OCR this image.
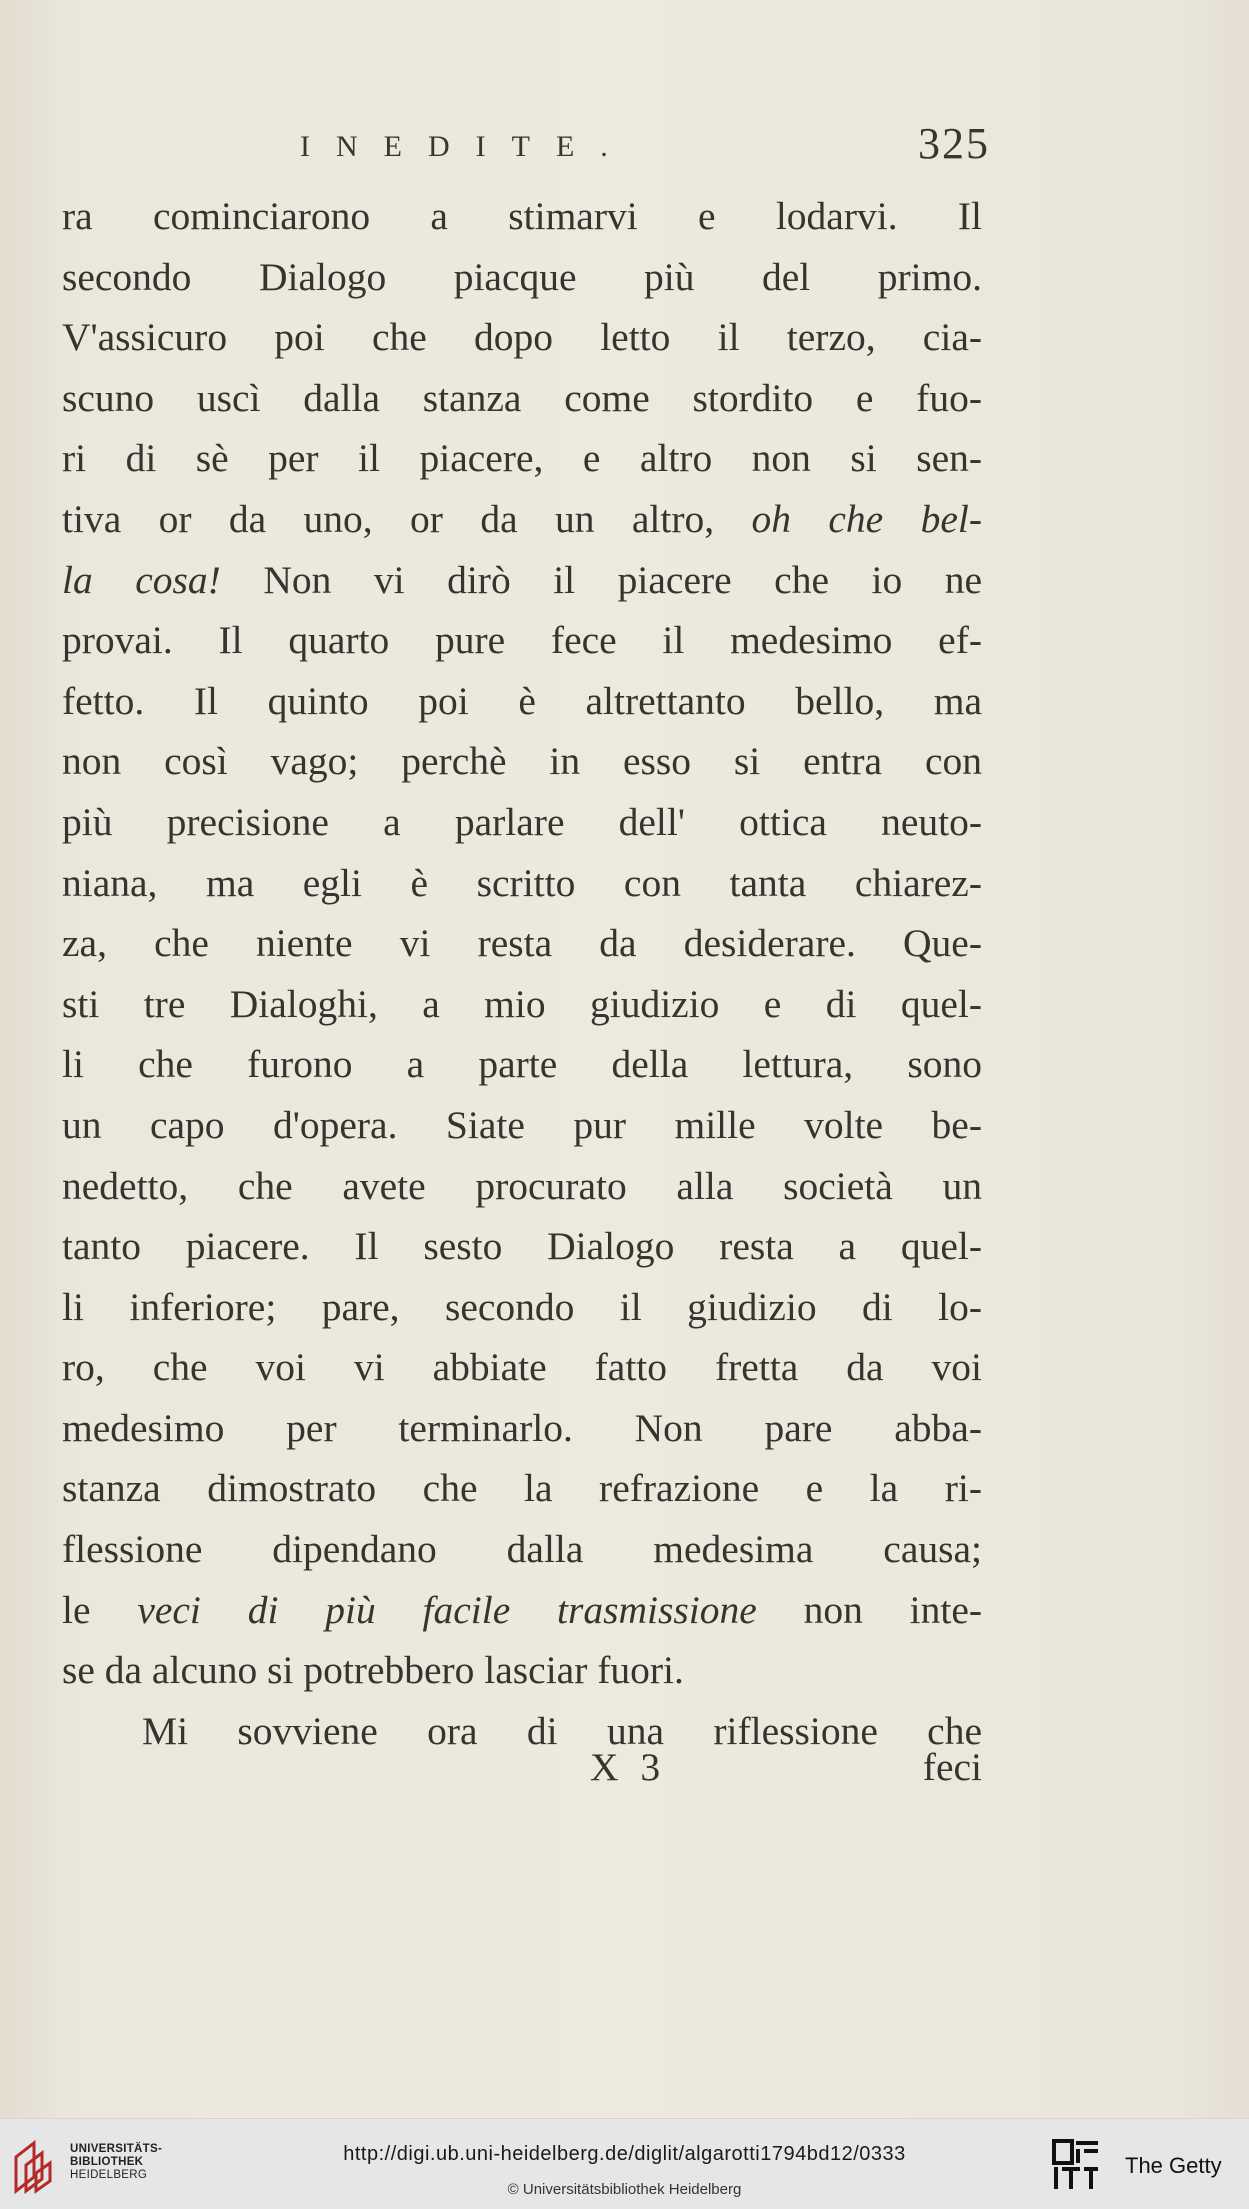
INEDITE.	325
ra cominciarono a stimarvi e lodarvi. Il
secondo Dialogo piacque più del primo.
V'assicuro poi che dopo letto il terzo, cia-
scuno uscì dalla stanza come stordito e fuo-
ri di sè per il piacere, e altro non si sen-
tiva or da uno, or da un altro, oh che bel-
la cosa! Non vi dirò il piacere che io ne
provai. Il quarto pure fece il medesimo ef-
fetto. Il quinto poi è altrettanto bello, ma
non così vago; perchè in esso si entra con
più precisione a parlare dell' ottica neuto-
niana, ma egli è scritto con tanta chiarez-
za, che niente vi resta da desiderare. Que-
sti tre Dialoghi, a mio giudizio e di quel-
li che furono a parte della lettura, sono
un capo d'opera. Siate pur mille volte be-
nedetto, che avete procurato alla società un
tanto piacere. Il sesto Dialogo resta a quel-
li inferiore; pare, secondo il giudizio di lo-
ro, che voi vi abbiate fatto fretta da voi
medesimo per terminarlo. Non pare abba-
stanza dimostrato che la refrazione e la ri-
flessione dipendano dalla medesima causa;
le veci di più facile trasmissione non inte-
se da alcuno si potrebbero lasciar fuori.
Mi sovviene ora di una riflessione che
X 3	feci
UNIVERSITÄTS-
BIBLIOTHEK
HEIDELBERG
http://digi.ub.uni-heidelberg.de/diglit/algarotti1794bd12/0333
© Universitätsbibliothek Heidelberg
The Getty
